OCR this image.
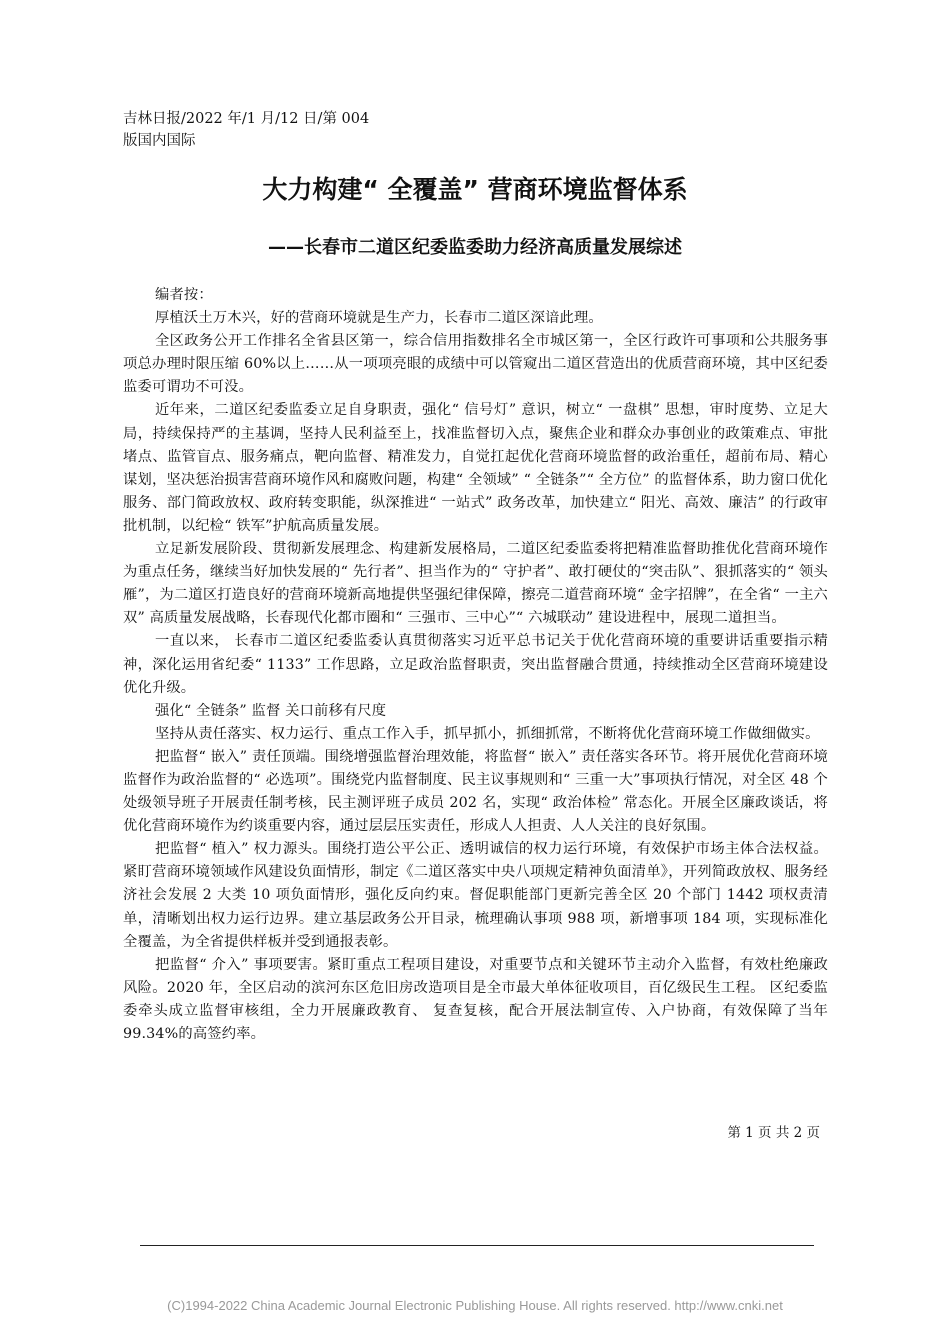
吉林日报/2022 年/1 月/12 日/第 004
版国内国际
大力构建“ 全覆盖” 营商环境监督体系
——长春市二道区纪委监委助力经济高质量发展综述

编者按：

厚植沃土万木兴，好的营商环境就是生产力，长春市二道区深谙此理。

全区政务公开工作排名全省县区第一，综合信用指数排名全市城区第一，全区行政许可事项和公共服务事项总办理时限压缩 60%以上……从一项项亮眼的成绩中可以管窥出二道区营造出的优质营商环境，其中区纪委监委可谓功不可没。

近年来，二道区纪委监委立足自身职责，强化“ 信号灯” 意识，树立“ 一盘棋” 思想，审时度势、立足大局，持续保持严的主基调，坚持人民利益至上，找准监督切入点，聚焦企业和群众办事创业的政策难点、审批堵点、监管盲点、服务痛点，靶向监督、精准发力，自觉扛起优化营商环境监督的政治重任，超前布局、精心谋划，坚决惩治损害营商环境作风和腐败问题，构建“ 全领域” “ 全链条”“ 全方位” 的监督体系，助力窗口优化服务、部门简政放权、政府转变职能，纵深推进“ 一站式” 政务改革，加快建立“ 阳光、高效、廉洁” 的行政审批机制，以纪检“ 铁军”护航高质量发展。

立足新发展阶段、贯彻新发展理念、构建新发展格局，二道区纪委监委将把精准监督助推优化营商环境作为重点任务，继续当好加快发展的“ 先行者”、担当作为的“ 守护者”、敢打硬仗的“突击队”、狠抓落实的“ 领头雁”，为二道区打造良好的营商环境新高地提供坚强纪律保障，擦亮二道营商环境“ 金字招牌”，在全省“ 一主六双” 高质量发展战略，长春现代化都市圈和“ 三强市、三中心”“ 六城联动” 建设进程中，展现二道担当。

一直以来， 长春市二道区纪委监委认真贯彻落实习近平总书记关于优化营商环境的重要讲话重要指示精神，深化运用省纪委“ 1133” 工作思路，立足政治监督职责，突出监督融合贯通，持续推动全区营商环境建设优化升级。

强化“ 全链条” 监督 关口前移有尺度

坚持从责任落实、权力运行、重点工作入手，抓早抓小，抓细抓常，不断将优化营商环境工作做细做实。

把监督“ 嵌入” 责任顶端。围绕增强监督治理效能，将监督“ 嵌入” 责任落实各环节。将开展优化营商环境监督作为政治监督的“ 必选项”。围绕党内监督制度、民主议事规则和“ 三重一大”事项执行情况，对全区 48 个处级领导班子开展责任制考核，民主测评班子成员 202 名，实现“ 政治体检” 常态化。开展全区廉政谈话，将优化营商环境作为约谈重要内容，通过层层压实责任，形成人人担责、人人关注的良好氛围。

把监督“ 植入” 权力源头。围绕打造公平公正、透明诚信的权力运行环境，有效保护市场主体合法权益。紧盯营商环境领域作风建设负面情形，制定《二道区落实中央八项规定精神负面清单》，开列简政放权、服务经济社会发展 2 大类 10 项负面情形，强化反向约束。督促职能部门更新完善全区 20 个部门 1442 项权责清单，清晰划出权力运行边界。建立基层政务公开目录，梳理确认事项 988 项，新增事项 184 项，实现标准化全覆盖，为全省提供样板并受到通报表彰。

把监督“ 介入” 事项要害。紧盯重点工程项目建设，对重要节点和关键环节主动介入监督，有效杜绝廉政风险。2020 年，全区启动的滨河东区危旧房改造项目是全市最大单体征收项目，百亿级民生工程。 区纪委监委牵头成立监督审核组，全力开展廉政教育、 复查复核，配合开展法制宣传、入户协商，有效保障了当年 99.34%的高签约率。

第 1 页 共 2 页
(C)1994-2022 China Academic Journal Electronic Publishing House. All rights reserved. http://www.cnki.net
